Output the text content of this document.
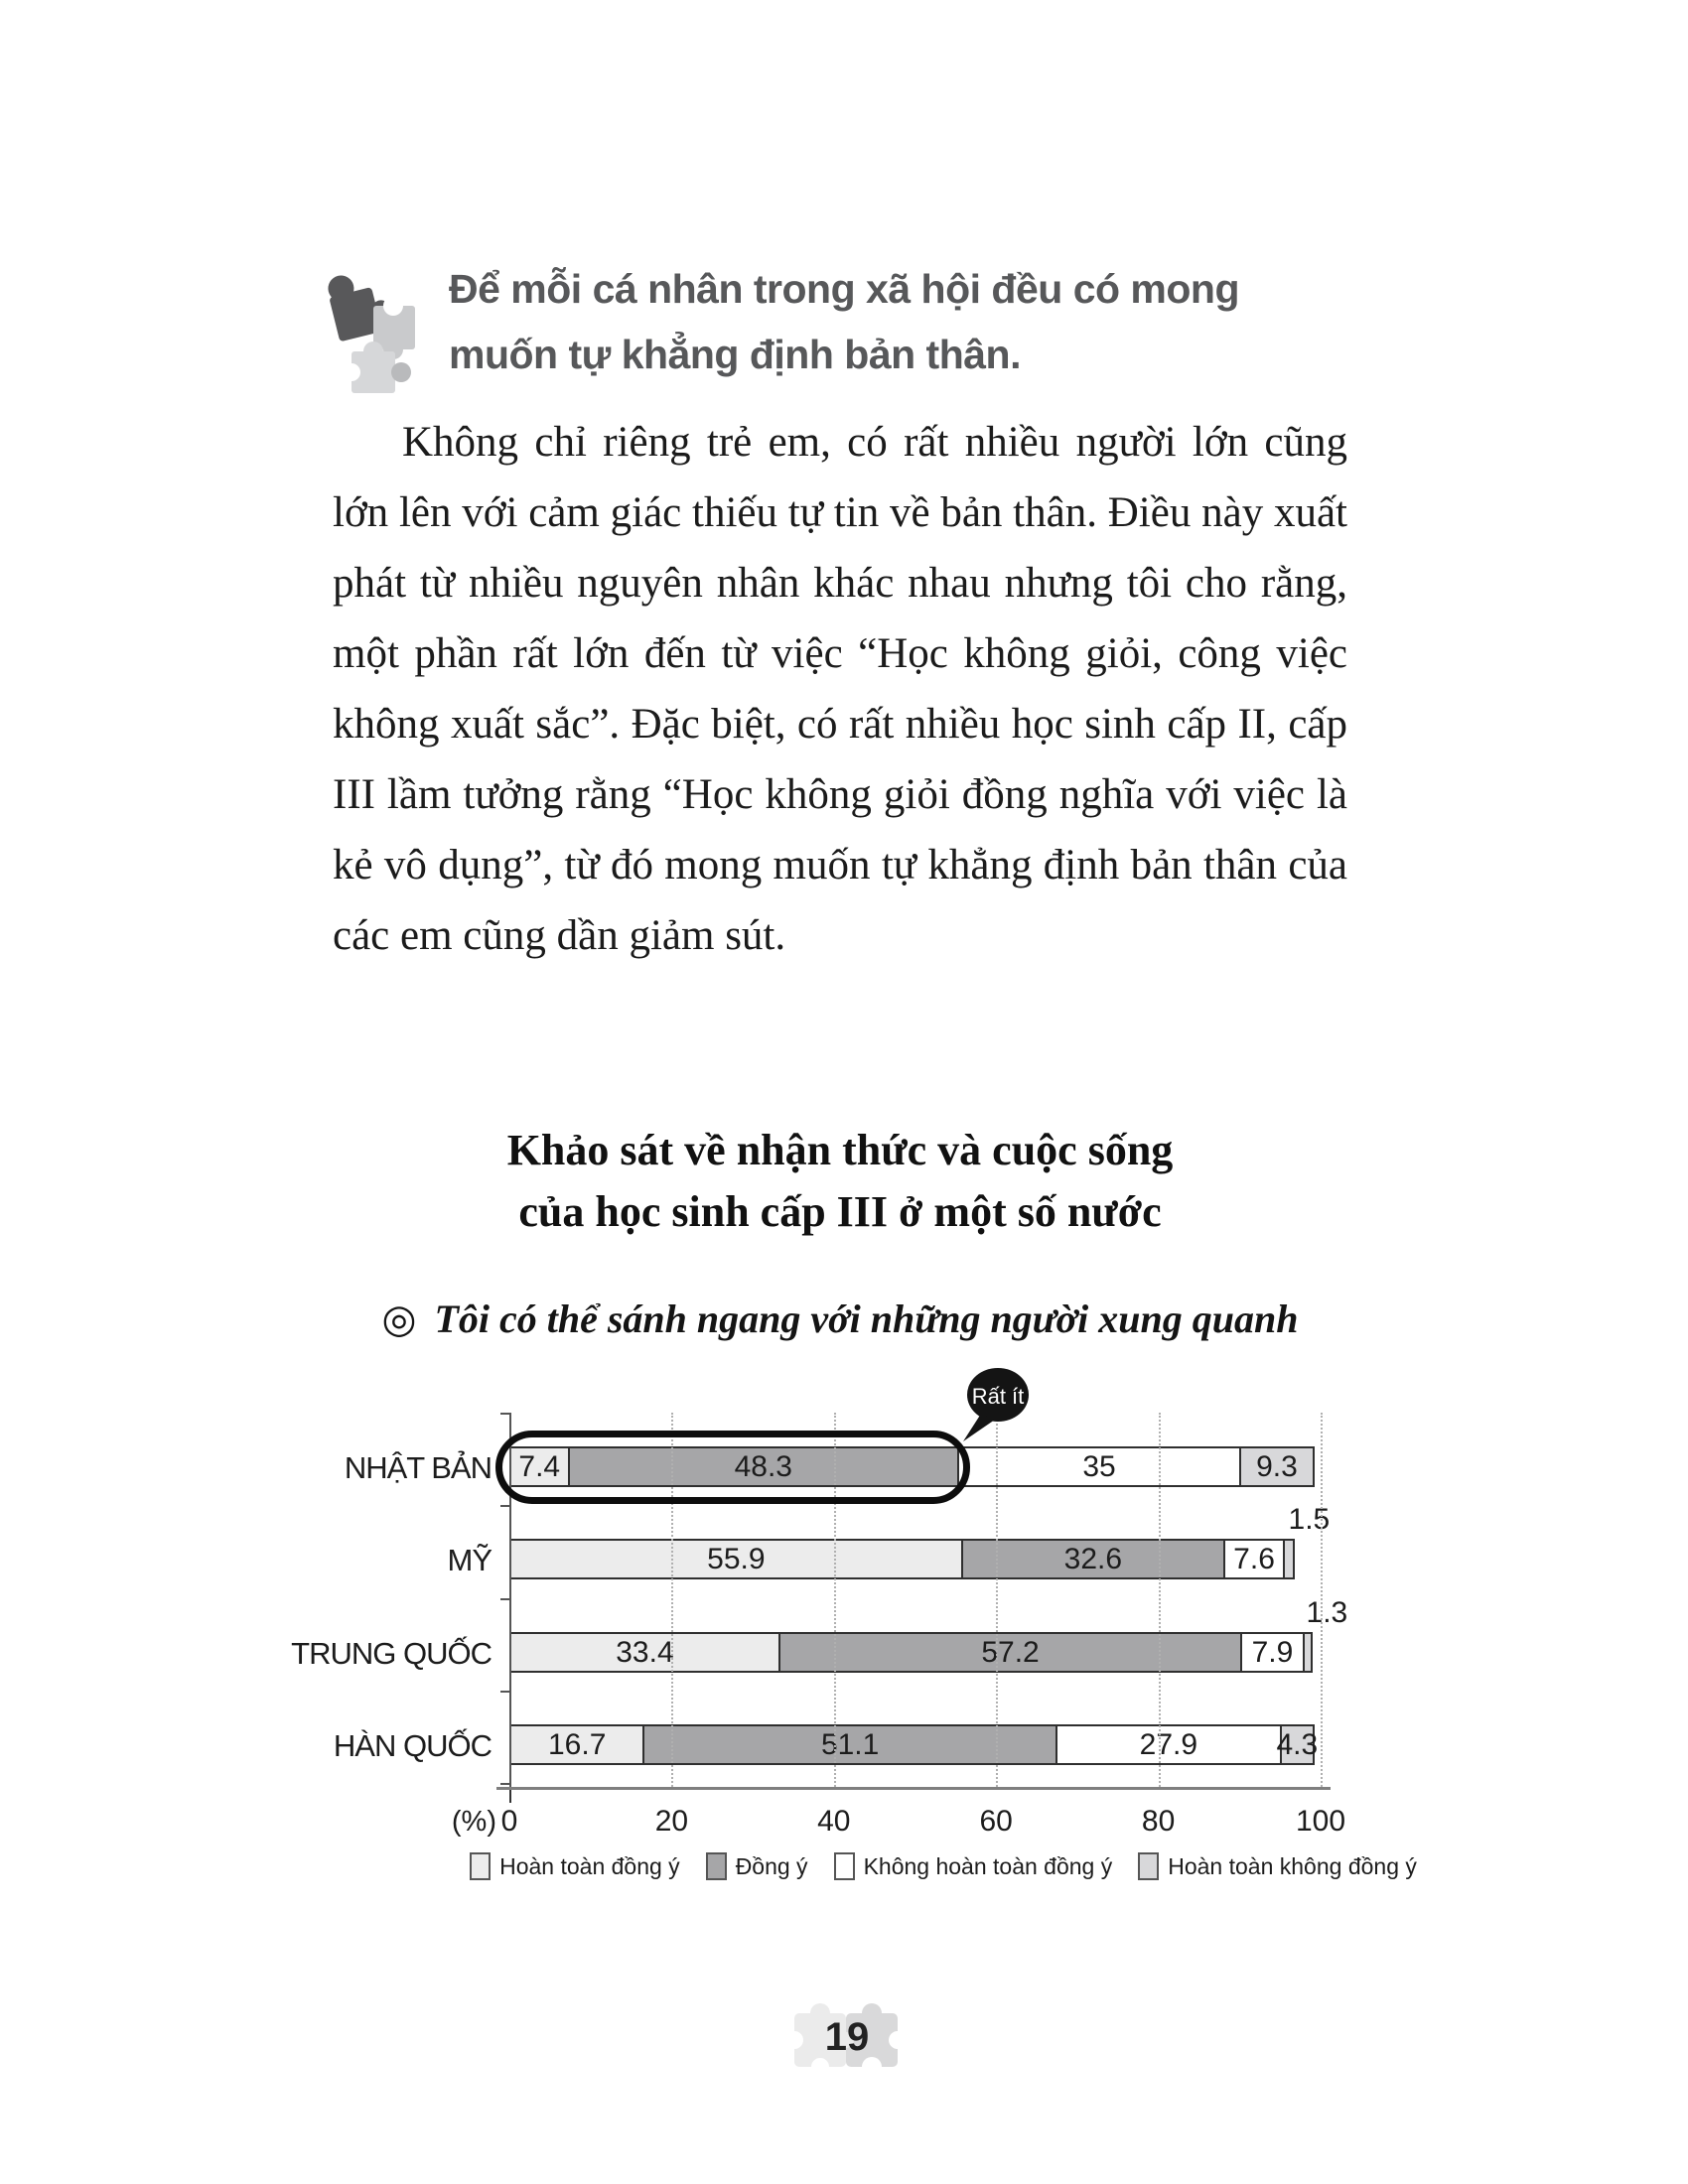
Để mỗi cá nhân trong xã hội đều có mong
muốn tự khẳng định bản thân.
Không chỉ riêng trẻ em, có rất nhiều người lớn cũng lớn lên với cảm giác thiếu tự tin về bản thân. Điều này xuất phát từ nhiều nguyên nhân khác nhau nhưng tôi cho rằng, một phần rất lớn đến từ việc “Học không giỏi, công việc không xuất sắc”. Đặc biệt, có rất nhiều học sinh cấp II, cấp III lầm tưởng rằng “Học không giỏi đồng nghĩa với việc là kẻ vô dụng”, từ đó mong muốn tự khẳng định bản thân của các em cũng dần giảm sút.
Khảo sát về nhận thức và cuộc sống
của học sinh cấp III ở một số nước
◎ Tôi có thể sánh ngang với những người xung quanh
16.7	51.1	27.9	4.3
HÀN QUỐC
1.3
33.4	57.2	7.9
TRUNG QUỐC
1.5
55.9	32.6	7.6
MỸ
7.4	48.3	35	9.3
NHẬT BẢN
(%)	100
80
60
40
20
0
Rất ít
Hoàn toàn đồng ý Đồng ý Không hoàn toàn đồng ý Hoàn toàn không đồng ý
19
